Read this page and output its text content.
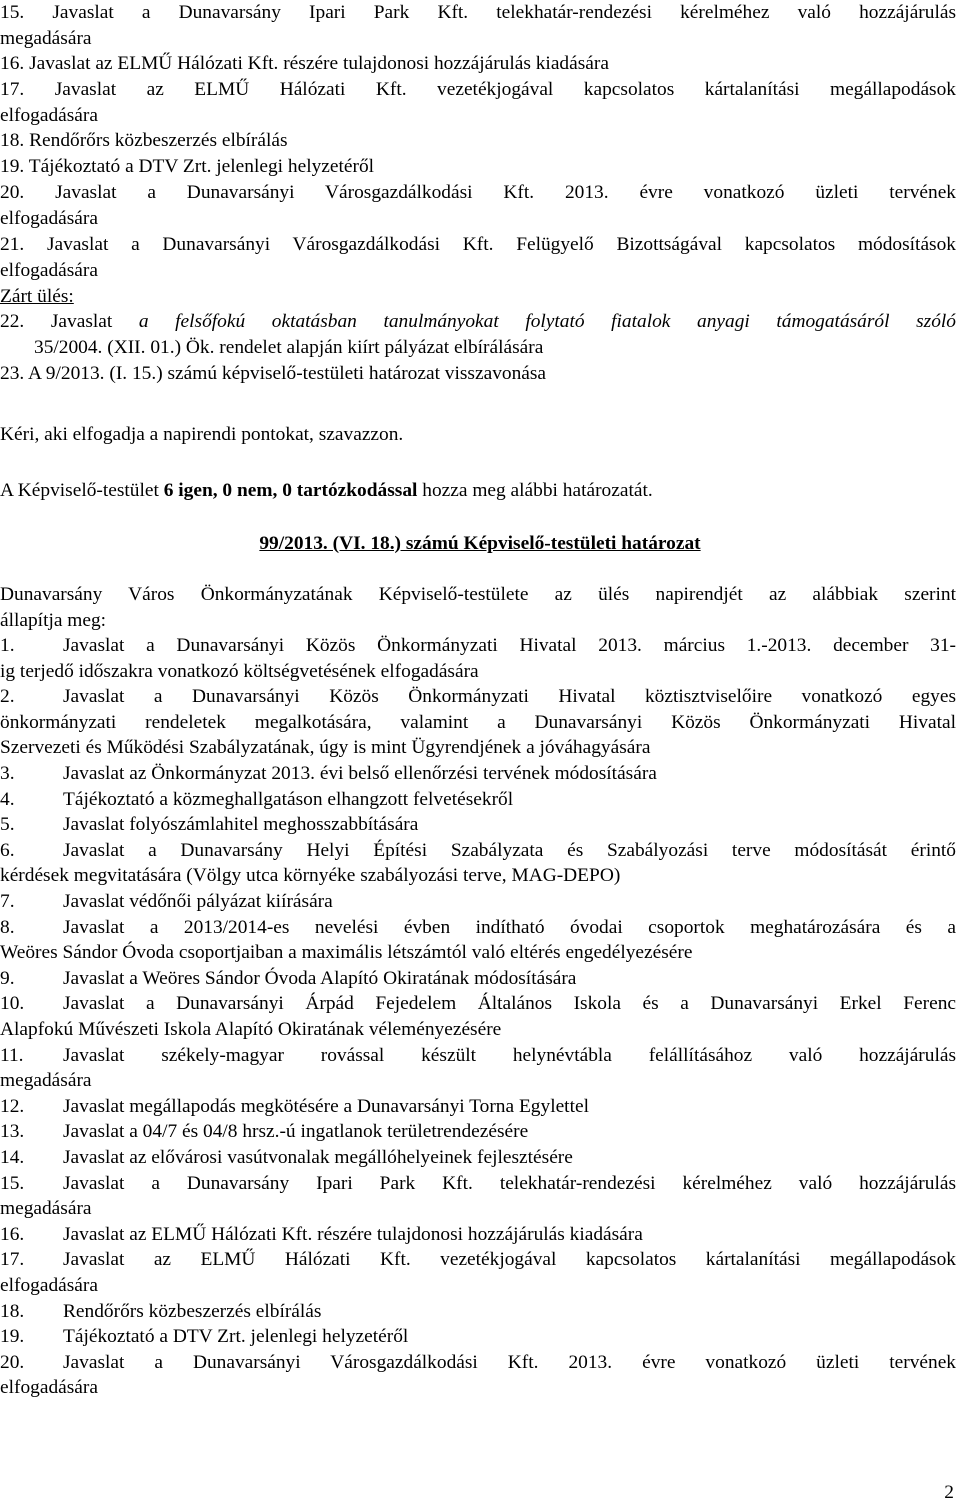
15. Javaslat a Dunavarsány Ipari Park Kft. telekhatár-rendezési kérelméhez való hozzájárulás
megadására
16. Javaslat az ELMŰ Hálózati Kft. részére tulajdonosi hozzájárulás kiadására
17. Javaslat az ELMŰ Hálózati Kft. vezetékjogával kapcsolatos kártalanítási megállapodások
elfogadására
18. Rendőrőrs közbeszerzés elbírálás
19. Tájékoztató a DTV Zrt. jelenlegi helyzetéről
20. Javaslat a Dunavarsányi Városgazdálkodási Kft. 2013. évre vonatkozó üzleti tervének
elfogadására
21. Javaslat a Dunavarsányi Városgazdálkodási Kft. Felügyelő Bizottságával kapcsolatos módosítások
elfogadására
Zárt ülés:
22. Javaslat a felsőfokú oktatásban tanulmányokat folytató fiatalok anyagi támogatásáról szóló
35/2004. (XII. 01.) Ök. rendelet alapján kiírt pályázat elbírálására
23. A 9/2013. (I. 15.) számú képviselő-testületi határozat visszavonása
Kéri, aki elfogadja a napirendi pontokat, szavazzon.
A Képviselő-testület 6 igen, 0 nem, 0 tartózkodással hozza meg alábbi határozatát.
99/2013. (VI. 18.) számú Képviselő-testületi határozat
Dunavarsány Város Önkormányzatának Képviselő-testülete az ülés napirendjét az alábbiak szerint
állapítja meg:
1. Javaslat a Dunavarsányi Közös Önkormányzati Hivatal 2013. március 1.-2013. december 31-
ig terjedő időszakra vonatkozó költségvetésének elfogadására
2. Javaslat a Dunavarsányi Közös Önkormányzati Hivatal köztisztviselőire vonatkozó egyes
önkormányzati rendeletek megalkotására, valamint a Dunavarsányi Közös Önkormányzati Hivatal
Szervezeti és Működési Szabályzatának, úgy is mint Ügyrendjének a jóváhagyására
3. Javaslat az Önkormányzat 2013. évi belső ellenőrzési tervének módosítására
4. Tájékoztató a közmeghallgatáson elhangzott felvetésekről
5. Javaslat folyószámlahitel meghosszabbítására
6. Javaslat a Dunavarsány Helyi Építési Szabályzata és Szabályozási terve módosítását érintő
kérdések megvitatására (Völgy utca környéke szabályozási terve, MAG-DEPO)
7. Javaslat védőnői pályázat kiírására
8. Javaslat a 2013/2014-es nevelési évben indítható óvodai csoportok meghatározására és a
Weöres Sándor Óvoda csoportjaiban a maximális létszámtól való eltérés engedélyezésére
9. Javaslat a Weöres Sándor Óvoda Alapító Okiratának módosítására
10. Javaslat a Dunavarsányi Árpád Fejedelem Általános Iskola és a Dunavarsányi Erkel Ferenc
Alapfokú Művészeti Iskola Alapító Okiratának véleményezésére
11. Javaslat székely-magyar rovással készült helynévtábla felállításához való hozzájárulás
megadására
12. Javaslat megállapodás megkötésére a Dunavarsányi Torna Egylettel
13. Javaslat a 04/7 és 04/8 hrsz.-ú ingatlanok területrendezésére
14. Javaslat az elővárosi vasútvonalak megállóhelyeinek fejlesztésére
15. Javaslat a Dunavarsány Ipari Park Kft. telekhatár-rendezési kérelméhez való hozzájárulás
megadására
16. Javaslat az ELMŰ Hálózati Kft. részére tulajdonosi hozzájárulás kiadására
17. Javaslat az ELMŰ Hálózati Kft. vezetékjogával kapcsolatos kártalanítási megállapodások
elfogadására
18. Rendőrőrs közbeszerzés elbírálás
19. Tájékoztató a DTV Zrt. jelenlegi helyzetéről
20. Javaslat a Dunavarsányi Városgazdálkodási Kft. 2013. évre vonatkozó üzleti tervének
elfogadására
2
